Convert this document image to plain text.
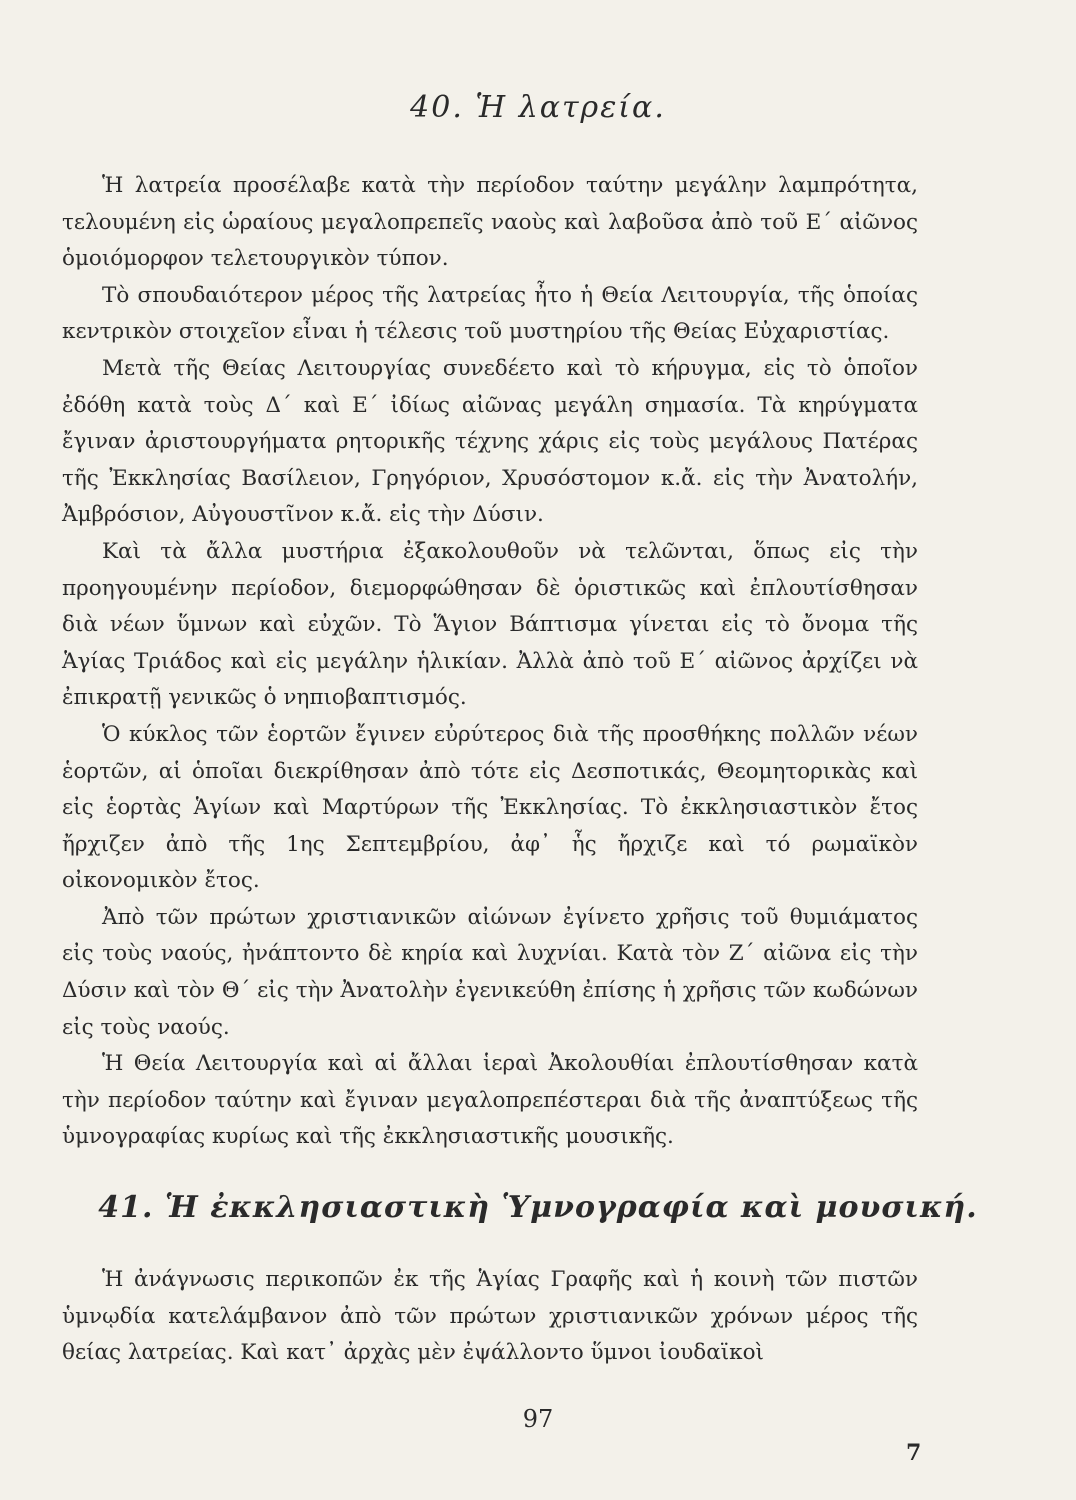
40. Ἡ λατρεία.

Ἡ λατρεία προσέλαβε κατὰ τὴν περίοδον ταύτην μεγάλην λαμπρότητα, τελουμένη εἰς ὡραίους μεγαλοπρεπεῖς ναοὺς καὶ λαβοῦσα ἀπὸ τοῦ Ε΄ αἰῶνος ὁμοιόμορφον τελετουργικὸν τύπον.

Τὸ σπουδαιότερον μέρος τῆς λατρείας ἦτο ἡ Θεία Λειτουργία, τῆς ὁποίας κεντρικὸν στοιχεῖον εἶναι ἡ τέλεσις τοῦ μυστηρίου τῆς Θείας Εὐχαριστίας.

Μετὰ τῆς Θείας Λειτουργίας συνεδέετο καὶ τὸ κήρυγμα, εἰς τὸ ὁποῖον ἐδόθη κατὰ τοὺς Δ΄ καὶ Ε΄ ἰδίως αἰῶνας μεγάλη σημασία. Τὰ κηρύγματα ἔγιναν ἀριστουργήματα ρητορικῆς τέχνης χάρις εἰς τοὺς μεγάλους Πατέρας τῆς Ἐκκλησίας Βασίλειον, Γρηγόριον, Χρυσόστομον κ.ἄ. εἰς τὴν Ἀνατολήν, Ἀμβρόσιον, Αὐγουστῖνον κ.ἄ. εἰς τὴν Δύσιν.

Καὶ τὰ ἄλλα μυστήρια ἐξακολουθοῦν νὰ τελῶνται, ὅπως εἰς τὴν προηγουμένην περίοδον, διεμορφώθησαν δὲ ὁριστικῶς καὶ ἐπλουτίσθησαν διὰ νέων ὕμνων καὶ εὐχῶν. Τὸ Ἅγιον Βάπτισμα γίνεται εἰς τὸ ὄνομα τῆς Ἁγίας Τριάδος καὶ εἰς μεγάλην ἡλικίαν. Ἀλλὰ ἀπὸ τοῦ Ε΄ αἰῶνος ἀρχίζει νὰ ἐπικρατῇ γενικῶς ὁ νηπιοβαπτισμός.

Ὁ κύκλος τῶν ἑορτῶν ἔγινεν εὐρύτερος διὰ τῆς προσθήκης πολλῶν νέων ἑορτῶν, αἱ ὁποῖαι διεκρίθησαν ἀπὸ τότε εἰς Δεσποτικάς, Θεομητορικὰς καὶ εἰς ἑορτὰς Ἁγίων καὶ Μαρτύρων τῆς Ἐκκλησίας. Τὸ ἐκκλησιαστικὸν ἔτος ἤρχιζεν ἀπὸ τῆς 1ης Σεπτεμβρίου, ἀφ᾽ ἧς ἤρχιζε καὶ τό ρωμαϊκὸν οἰκονομικὸν ἔτος.

Ἀπὸ τῶν πρώτων χριστιανικῶν αἰώνων ἐγίνετο χρῆσις τοῦ θυμιάματος εἰς τοὺς ναούς, ἠνάπτοντο δὲ κηρία καὶ λυχνίαι. Κατὰ τὸν Ζ΄ αἰῶνα εἰς τὴν Δύσιν καὶ τὸν Θ΄ εἰς τὴν Ἀνατολὴν ἐγενικεύθη ἐπίσης ἡ χρῆσις τῶν κωδώνων εἰς τοὺς ναούς.

Ἡ Θεία Λειτουργία καὶ αἱ ἄλλαι ἱεραὶ Ἀκολουθίαι ἐπλουτίσθησαν κατὰ τὴν περίοδον ταύτην καὶ ἔγιναν μεγαλοπρεπέστεραι διὰ τῆς ἀναπτύξεως τῆς ὑμνογραφίας κυρίως καὶ τῆς ἐκκλησιαστικῆς μουσικῆς.

41. Ἡ ἐκκλησιαστικὴ Ὑμνογραφία καὶ μουσική.

Ἡ ἀνάγνωσις περικοπῶν ἐκ τῆς Ἁγίας Γραφῆς καὶ ἡ κοινὴ τῶν πιστῶν ὑμνῳδία κατελάμβανον ἀπὸ τῶν πρώτων χριστιανικῶν χρόνων μέρος τῆς θείας λατρείας. Καὶ κατ᾽ ἀρχὰς μὲν ἐψάλλοντο ὕμνοι ἰουδαϊκοὶ

97
7
